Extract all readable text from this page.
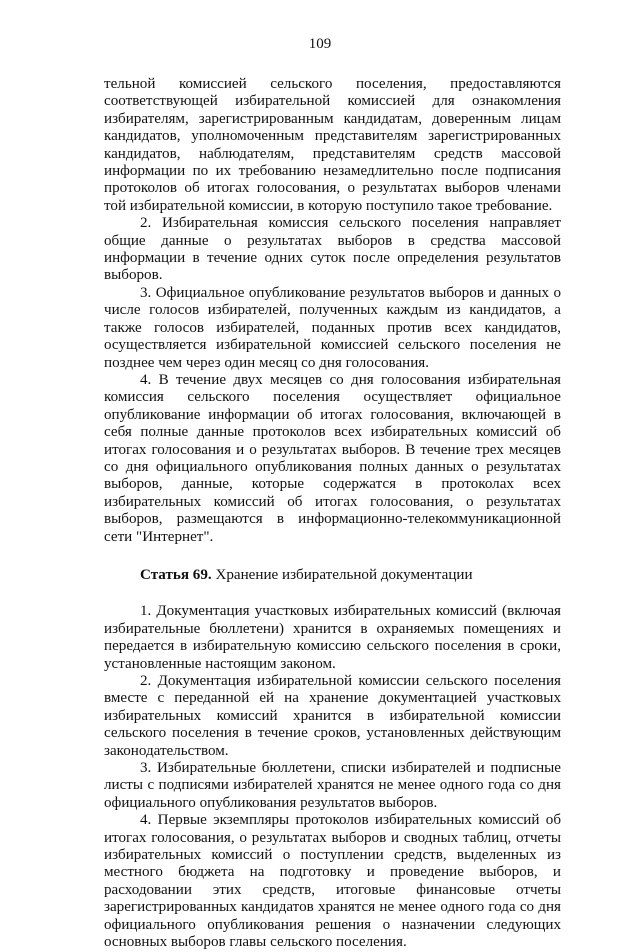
109

тельной комиссией сельского поселения, предоставляются соответствующей избирательной комиссией для ознакомления избирателям, зарегистрированным кандидатам, доверенным лицам кандидатов, уполномоченным представителям зарегистрированных кандидатов, наблюдателям, представителям средств массовой информации по их требованию незамедлительно после подписания протоколов об итогах голосования, о результатах выборов членами той избирательной комиссии, в которую поступило такое требование.

2. Избирательная комиссия сельского поселения направляет общие данные о результатах выборов в средства массовой информации в течение одних суток после определения результатов выборов.

3. Официальное опубликование результатов выборов и данных о числе голосов избирателей, полученных каждым из кандидатов, а также голосов избирателей, поданных против всех кандидатов, осуществляется избирательной комиссией сельского поселения не позднее чем через один месяц со дня голосования.

4. В течение двух месяцев со дня голосования избирательная комиссия сельского поселения осуществляет официальное опубликование информации об итогах голосования, включающей в себя полные данные протоколов всех избирательных комиссий об итогах голосования и о результатах выборов. В течение трех месяцев со дня официального опубликования полных данных о результатах выборов, данные, которые содержатся в протоколах всех избирательных комиссий об итогах голосования, о результатах выборов, размещаются в информационно-телекоммуникационной сети "Интернет".

Статья 69. Хранение избирательной документации

1. Документация участковых избирательных комиссий (включая избирательные бюллетени) хранится в охраняемых помещениях и передается в избирательную комиссию сельского поселения в сроки, установленные настоящим законом.

2. Документация избирательной комиссии сельского поселения вместе с переданной ей на хранение документацией участковых избирательных комиссий хранится в избирательной комиссии сельского поселения в течение сроков, установленных действующим законодательством.

3. Избирательные бюллетени, списки избирателей и подписные листы с подписями избирателей хранятся не менее одного года со дня официального опубликования результатов выборов.

4. Первые экземпляры протоколов избирательных комиссий об итогах голосования, о результатах выборов и сводных таблиц, отчеты избирательных комиссий о поступлении средств, выделенных из местного бюджета на подготовку и проведение выборов, и расходовании этих средств, итоговые финансовые отчеты зарегистрированных кандидатов хранятся не менее одного года со дня официального опубликования решения о назначении следующих основных выборов главы сельского поселения.
